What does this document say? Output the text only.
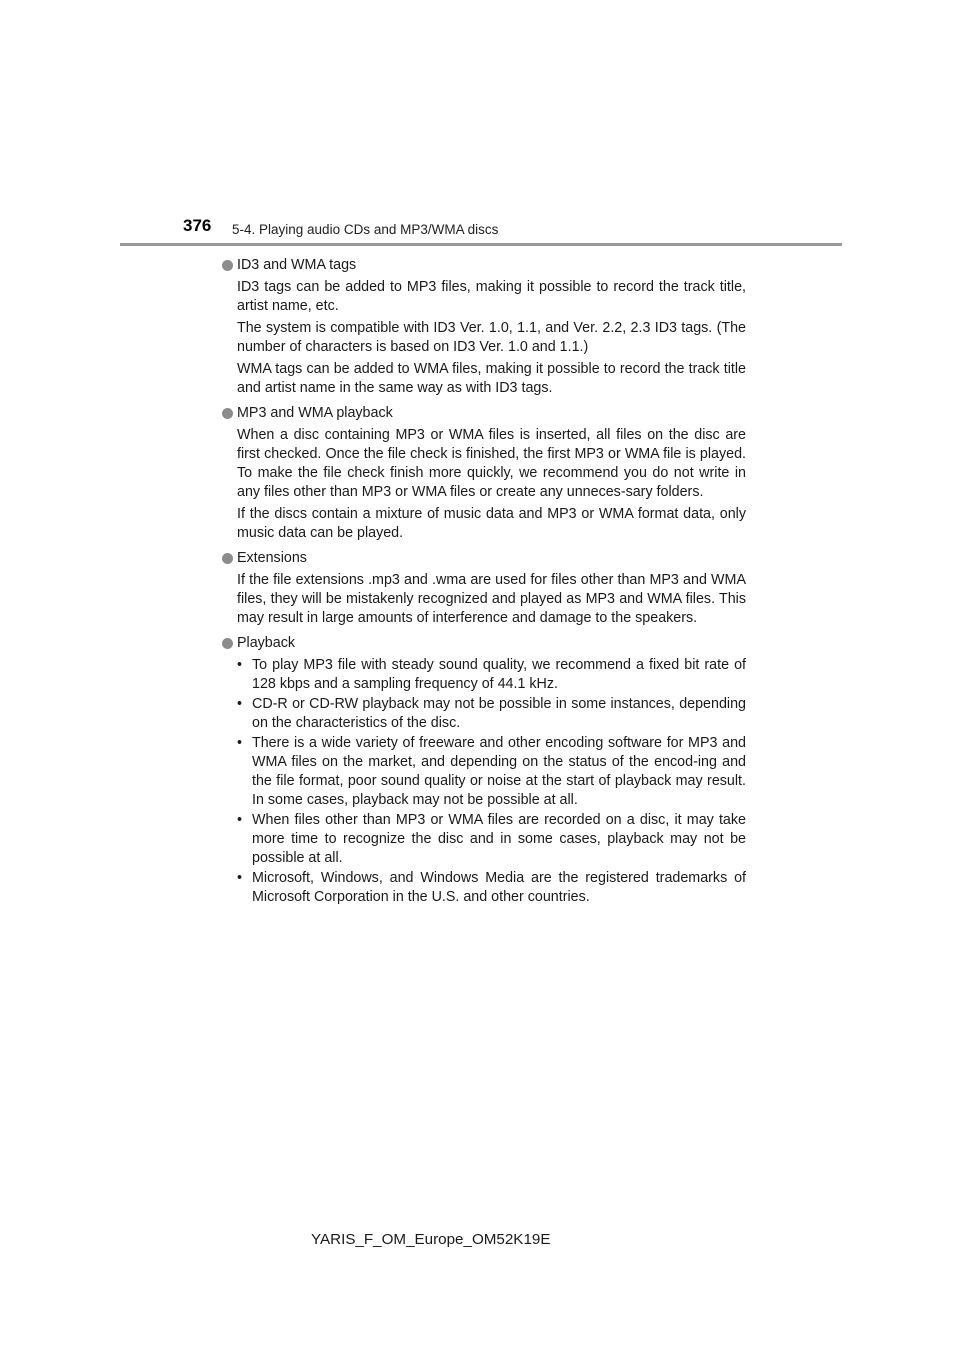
376 5-4. Playing audio CDs and MP3/WMA discs
ID3 and WMA tags

ID3 tags can be added to MP3 files, making it possible to record the track title, artist name, etc.

The system is compatible with ID3 Ver. 1.0, 1.1, and Ver. 2.2, 2.3 ID3 tags. (The number of characters is based on ID3 Ver. 1.0 and 1.1.)

WMA tags can be added to WMA files, making it possible to record the track title and artist name in the same way as with ID3 tags.

MP3 and WMA playback

When a disc containing MP3 or WMA files is inserted, all files on the disc are first checked. Once the file check is finished, the first MP3 or WMA file is played. To make the file check finish more quickly, we recommend you do not write in any files other than MP3 or WMA files or create any unneces-sary folders.

If the discs contain a mixture of music data and MP3 or WMA format data, only music data can be played.

Extensions

If the file extensions .mp3 and .wma are used for files other than MP3 and WMA files, they will be mistakenly recognized and played as MP3 and WMA files. This may result in large amounts of interference and damage to the speakers.

Playback
• To play MP3 file with steady sound quality, we recommend a fixed bit rate of 128 kbps and a sampling frequency of 44.1 kHz.
• CD-R or CD-RW playback may not be possible in some instances, depending on the characteristics of the disc.
• There is a wide variety of freeware and other encoding software for MP3 and WMA files on the market, and depending on the status of the encod-ing and the file format, poor sound quality or noise at the start of playback may result. In some cases, playback may not be possible at all.
• When files other than MP3 or WMA files are recorded on a disc, it may take more time to recognize the disc and in some cases, playback may not be possible at all.
• Microsoft, Windows, and Windows Media are the registered trademarks of Microsoft Corporation in the U.S. and other countries.
YARIS_F_OM_Europe_OM52K19E
